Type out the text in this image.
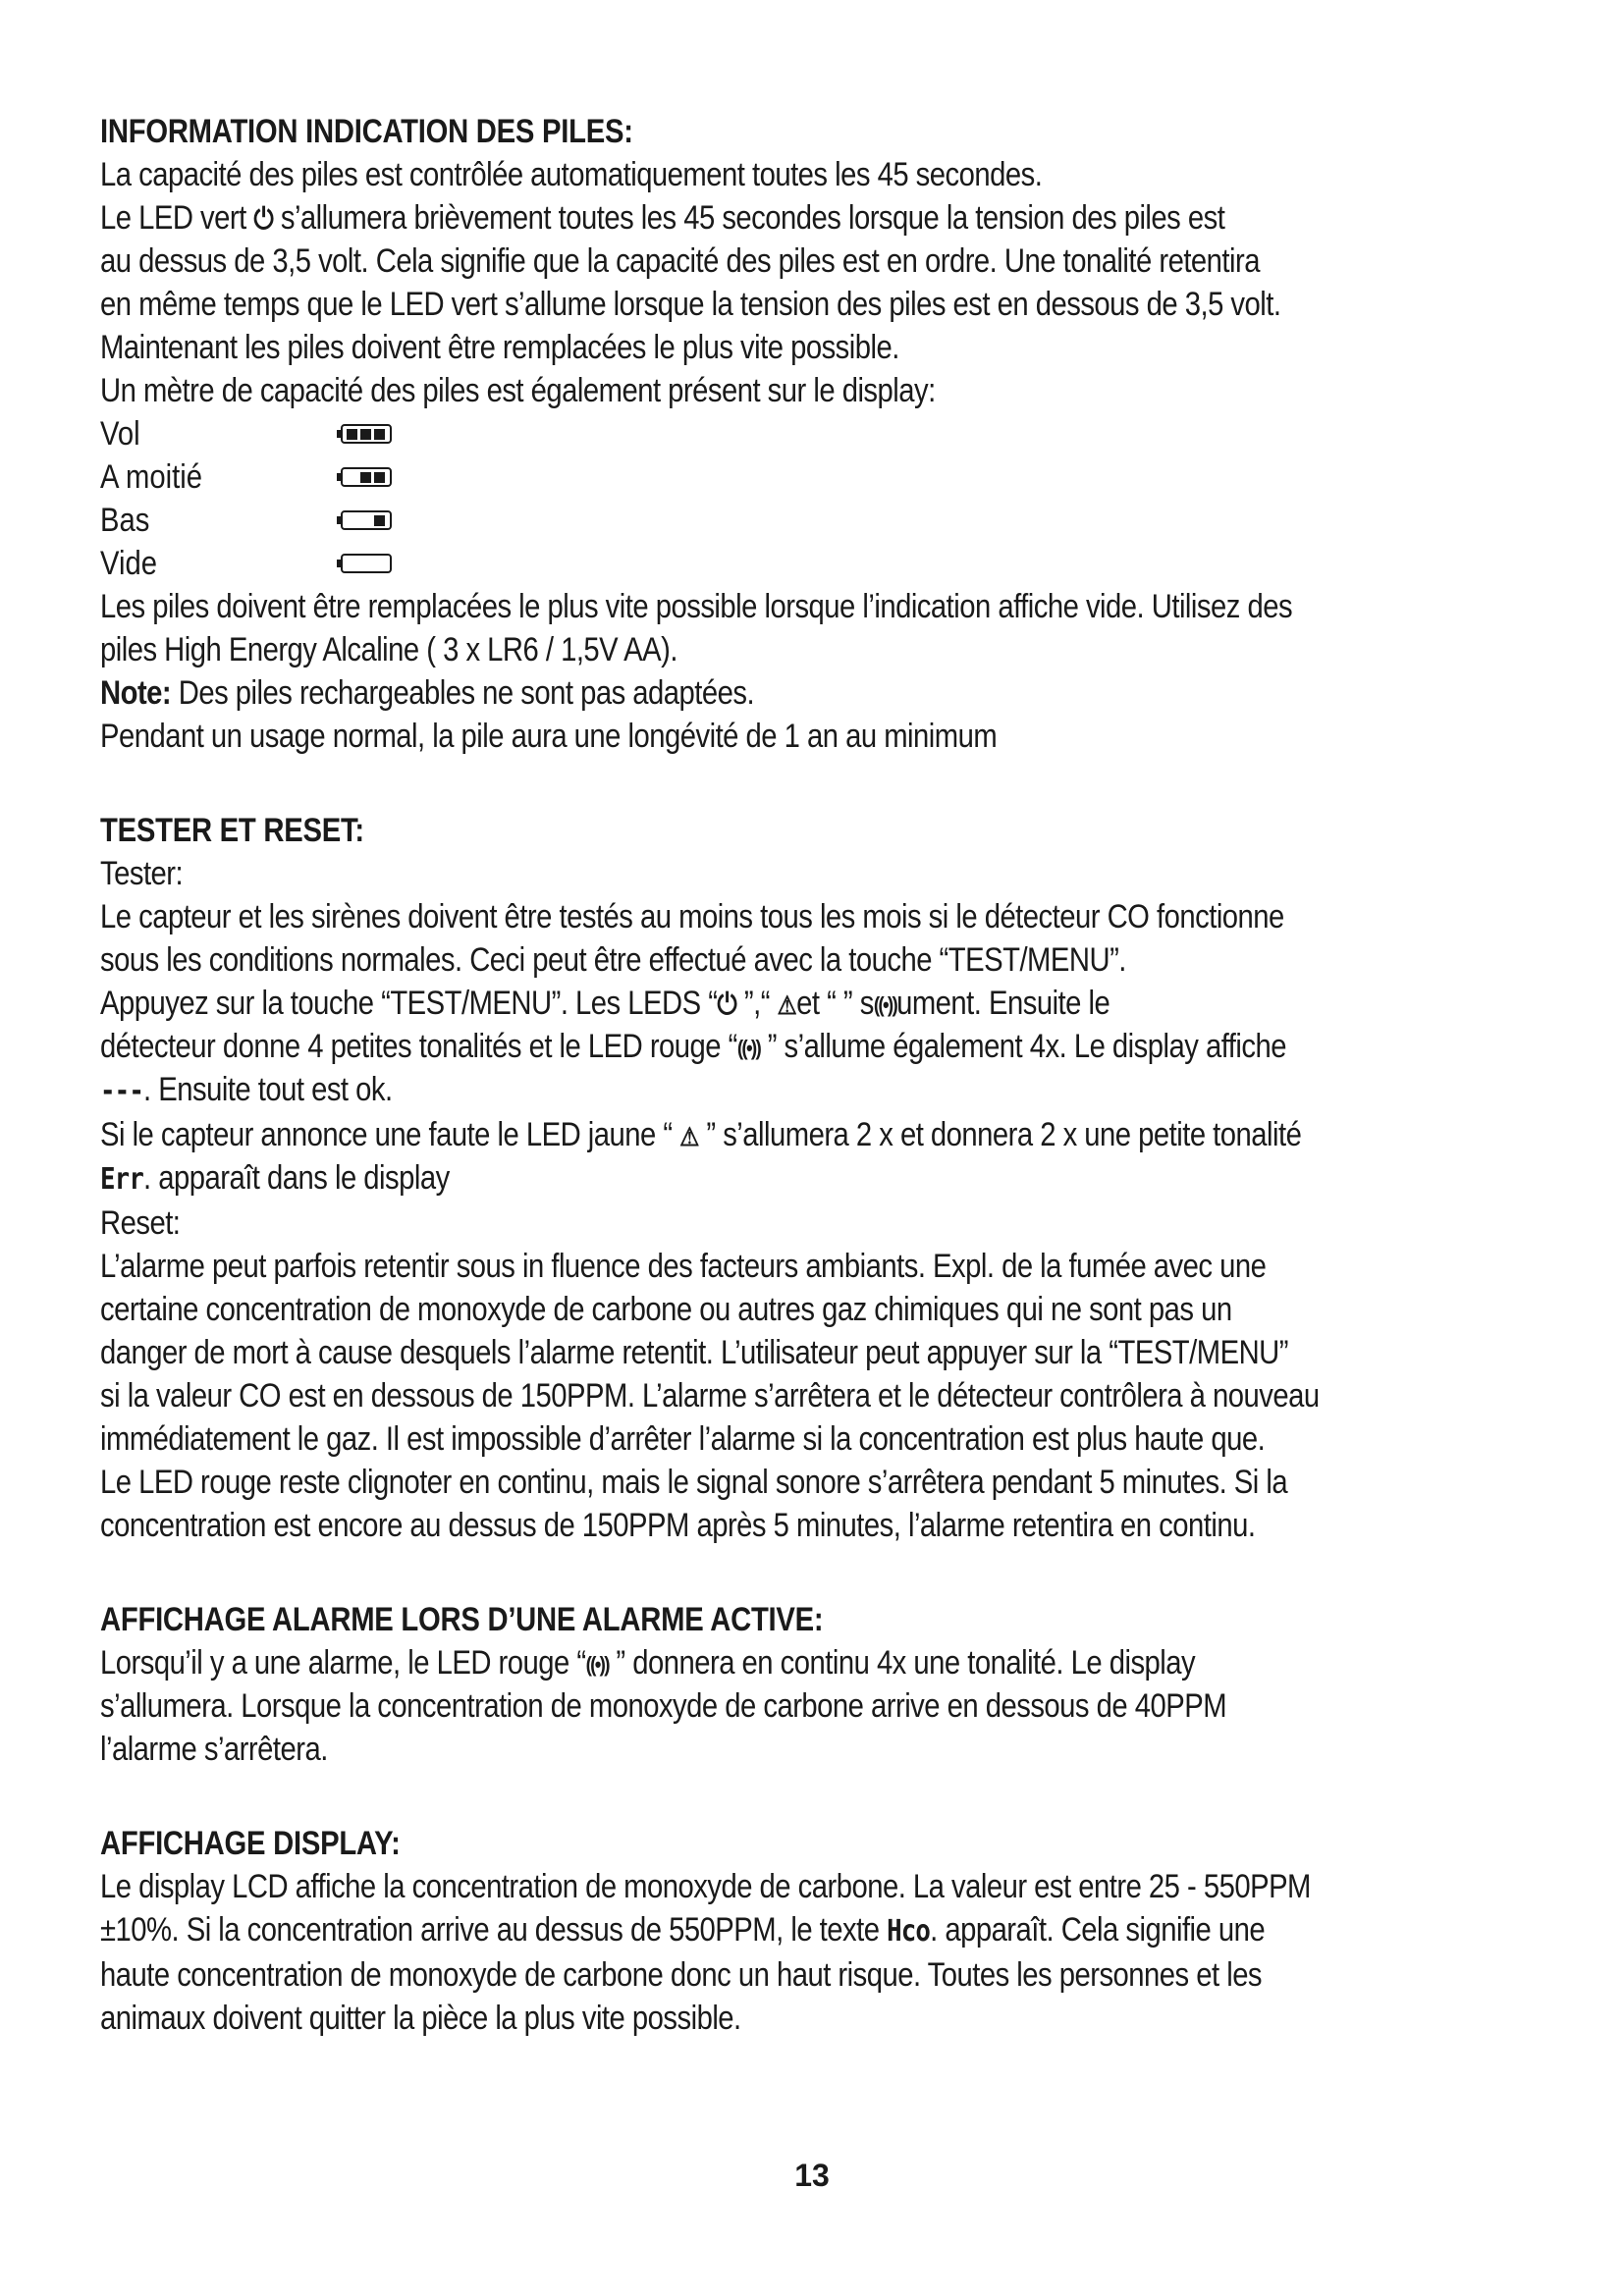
INFORMATION INDICATION DES PILES:
La capacité des piles est contrôlée automatiquement toutes les 45 secondes.
Le LED vert ⏻ s’allumera brièvement toutes les 45 secondes lorsque la tension des piles est
au dessus de 3,5 volt. Cela signifie que la capacité des piles est en ordre. Une tonalité retentira
en même temps que le LED vert s’allume lorsque la tension des piles est en dessous de 3,5 volt.
Maintenant les piles doivent être remplacées le plus vite possible.
Un mètre de capacité des piles est également présent sur le display:
Vol
A moitié
Bas
Vide
Les piles doivent être remplacées le plus vite possible lorsque l’indication affiche vide. Utilisez des
piles High Energy Alcaline ( 3 x LR6 / 1,5V AA).
Note: Des piles rechargeables ne sont pas adaptées.
Pendant un usage normal, la pile aura une longévité de 1 an au minimum
TESTER ET RESET:
Tester:
Le capteur et les sirènes doivent être testés au moins tous les mois si le détecteur CO fonctionne
sous les conditions normales. Ceci peut être effectué avec la touche “TEST/MENU”.
Appuyez sur la touche “TEST/MENU”. Les LEDS “⏻ ”,“ ⚠et “ ” s((•))ument. Ensuite le
détecteur donne 4 petites tonalités et le LED rouge “((•)) ” s’allume également 4x. Le display affiche
---. Ensuite tout est ok.
Si le capteur annonce une faute le LED jaune “ ⚠ ” s’allumera 2 x et donnera 2 x une petite tonalité
Err. apparaît dans le display
Reset:
L’alarme peut parfois retentir sous in fluence des facteurs ambiants. Expl. de la fumée avec une
certaine concentration de monoxyde de carbone ou autres gaz chimiques qui ne sont pas un
danger de mort à cause desquels l’alarme retentit. L’utilisateur peut appuyer sur la “TEST/MENU”
si la valeur CO est en dessous de 150PPM. L’alarme s’arrêtera et le détecteur contrôlera à nouveau
immédiatement le gaz. Il est impossible d’arrêter l’alarme si la concentration est plus haute que.
Le LED rouge reste clignoter en continu, mais le signal sonore s’arrêtera pendant 5 minutes. Si la
concentration est encore au dessus de 150PPM après 5 minutes, l’alarme retentira en continu.
AFFICHAGE ALARME LORS D’UNE ALARME ACTIVE:
Lorsqu’il y a une alarme, le LED rouge “((•)) ” donnera en continu 4x une tonalité. Le display
s’allumera. Lorsque la concentration de monoxyde de carbone arrive en dessous de 40PPM
l’alarme s’arrêtera.
AFFICHAGE DISPLAY:
Le display LCD affiche la concentration de monoxyde de carbone. La valeur est entre 25 - 550PPM
±10%. Si la concentration arrive au dessus de 550PPM, le texte Hco. apparaît. Cela signifie une
haute concentration de monoxyde de carbone donc un haut risque. Toutes les personnes et les
animaux doivent quitter la pièce la plus vite possible.
13
